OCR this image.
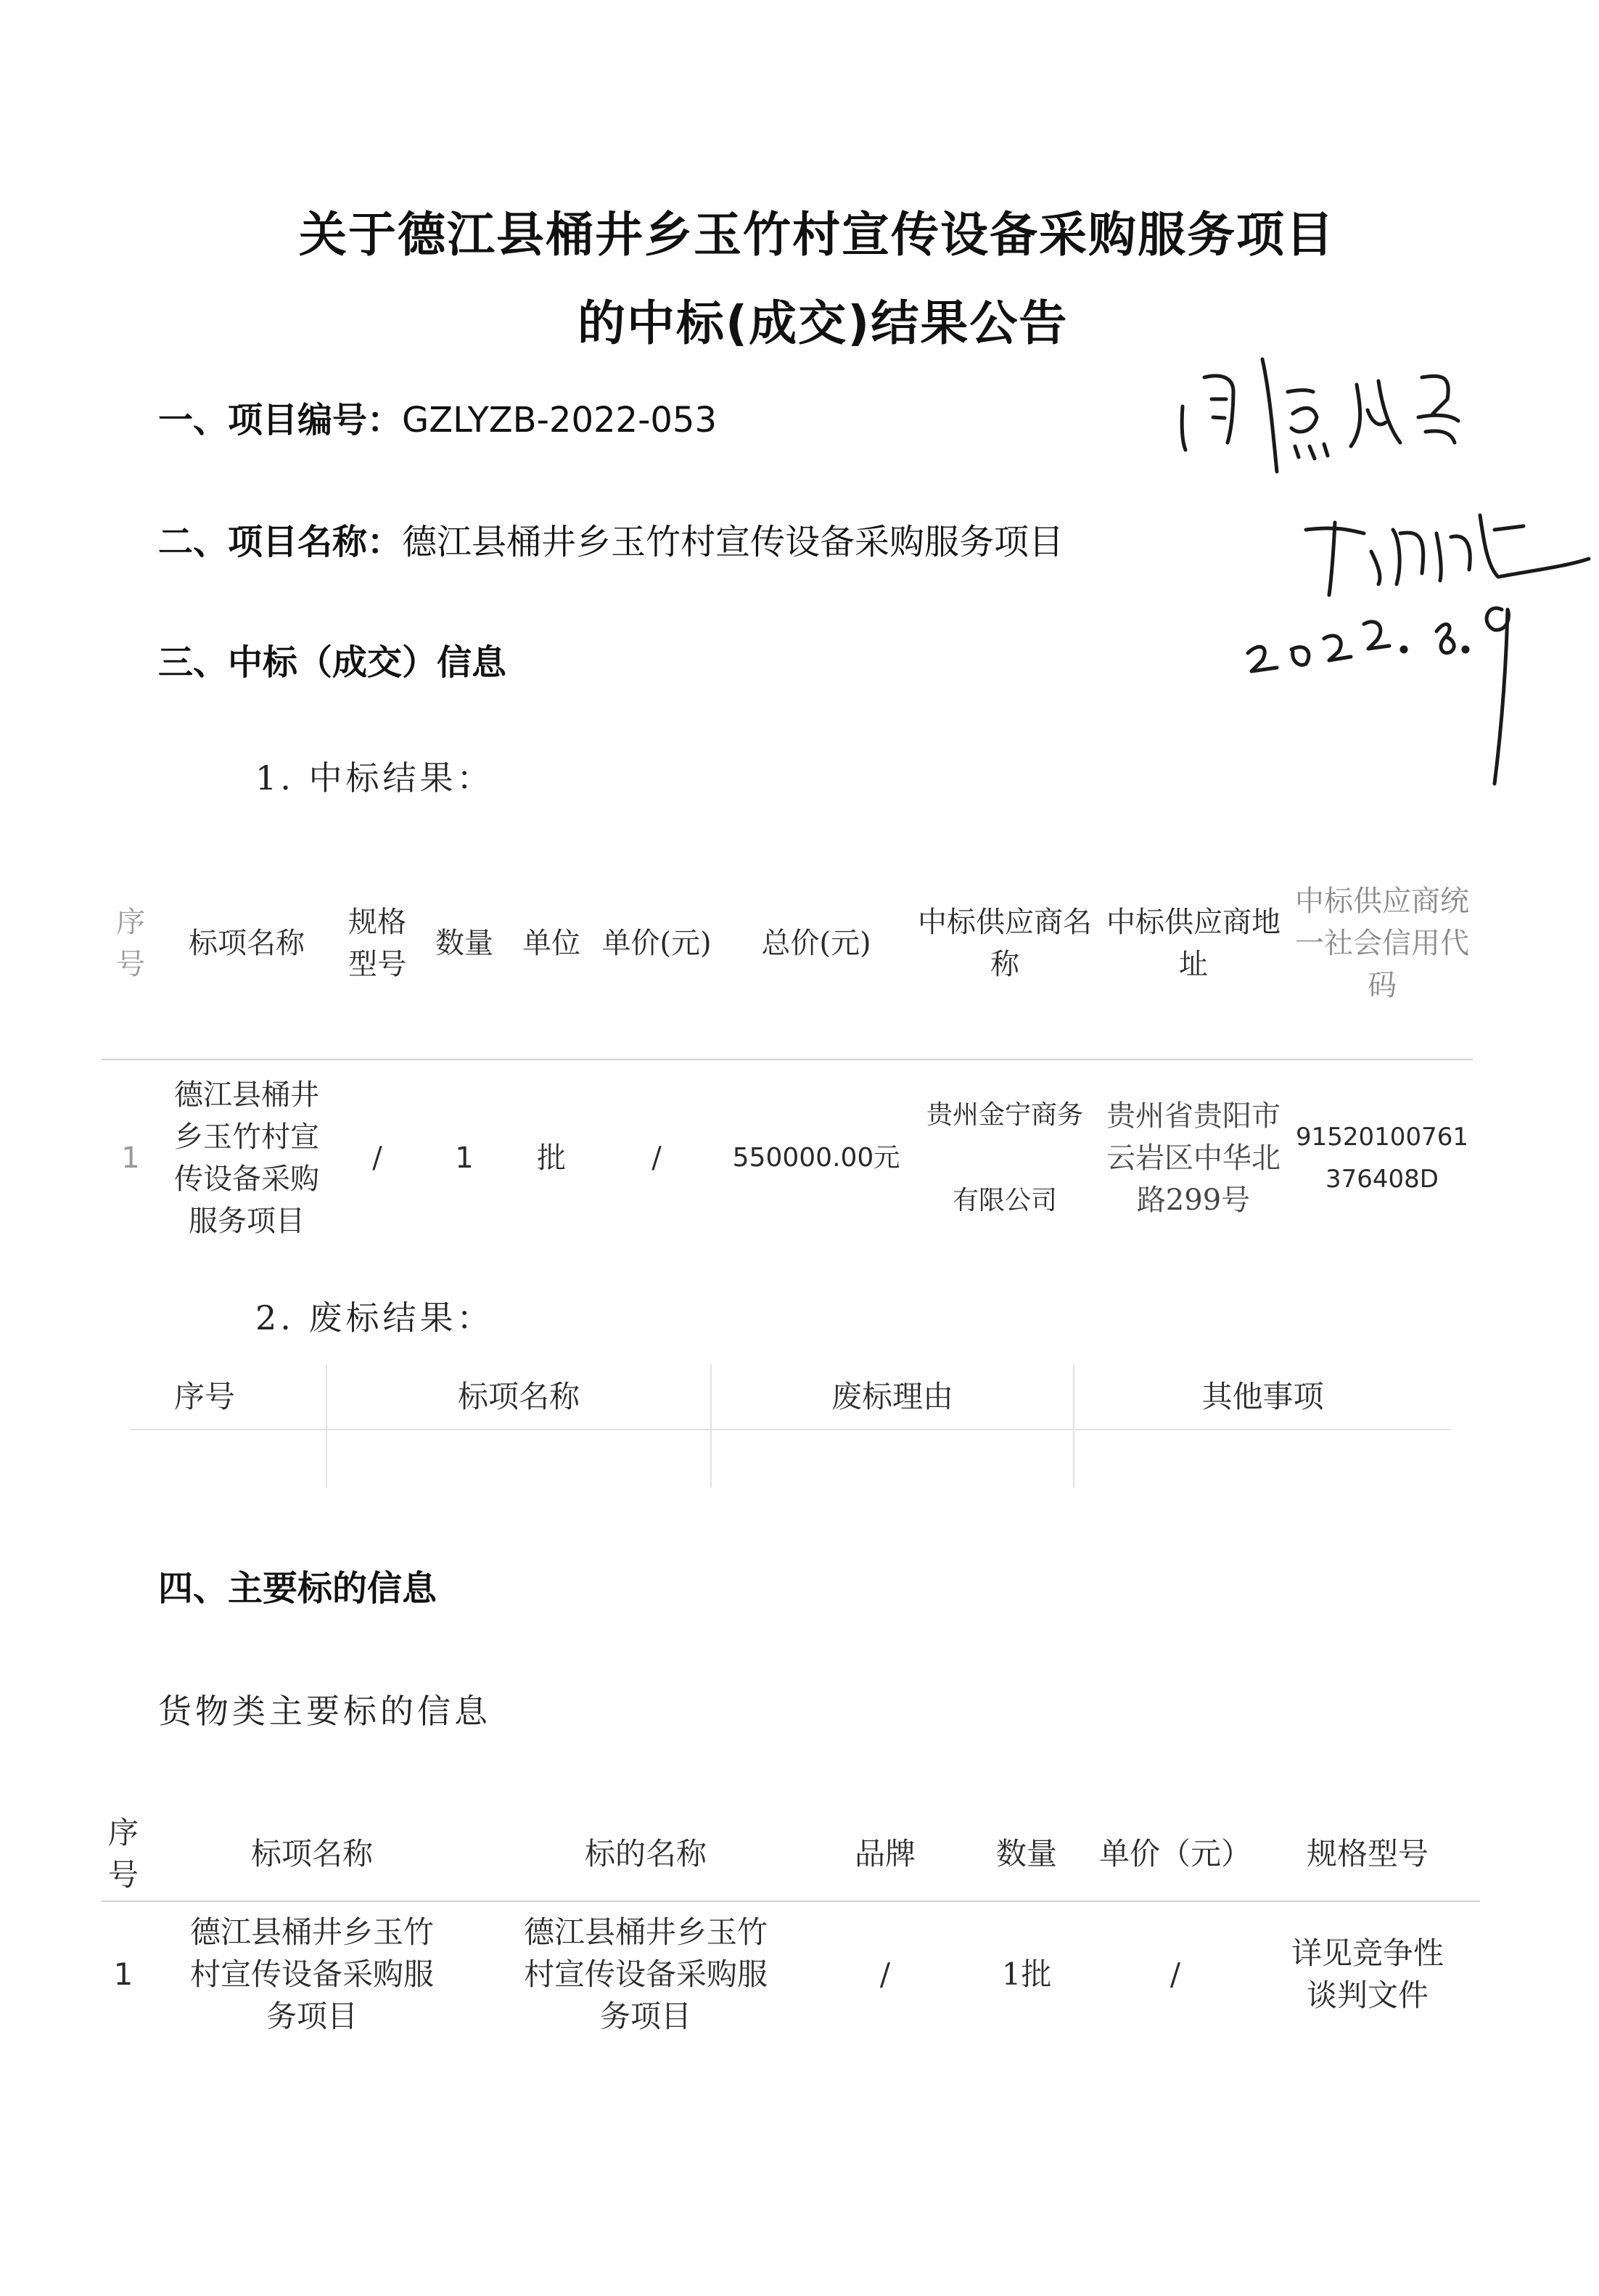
关于德江县桶井乡玉竹村宣传设备采购服务项目
的中标(成交)结果公告
一、项目编号：GZLYZB-2022-053
二、项目名称：德江县桶井乡玉竹村宣传设备采购服务项目
三、中标（成交）信息
1. 中标结果：
序号	标项名称	规格型号	数量	单位	单价(元)	总价(元)	中标供应商名称	中标供应商地址	中标供应商统一社会信用代码
1	德江县桶井乡玉竹村宣传设备采购服务项目	/	1	批	/	550000.00元	贵州金宁商务有限公司	贵州省贵阳市云岩区中华北路299号	91520100761376408D
2. 废标结果：
序号	标项名称	废标理由	其他事项

四、主要标的信息
货物类主要标的信息
序号	标项名称	标的名称	品牌	数量	单价（元）	规格型号
1	德江县桶井乡玉竹村宣传设备采购服务项目	德江县桶井乡玉竹村宣传设备采购服务项目	/	1批	/	详见竞争性谈判文件
